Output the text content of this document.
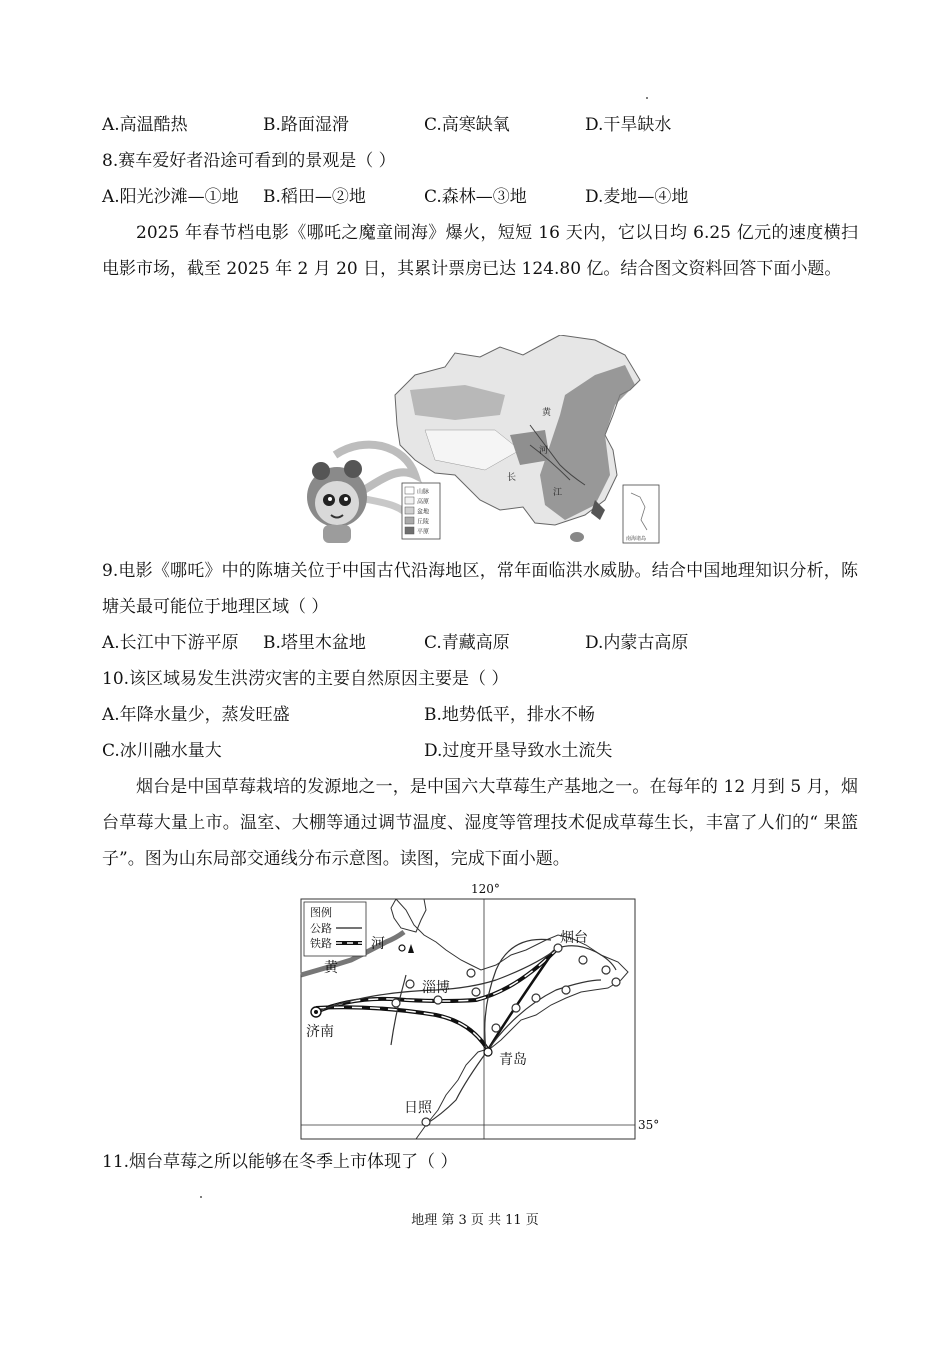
A.高温酷热	B.路面湿滑	C.高寒缺氧	D.干旱缺水
8.赛车爱好者沿途可看到的景观是（ ）
A.阳光沙滩—①地 B.稻田—②地	C.森林—③地	D.麦地—④地
2025 年春节档电影《哪吒之魔童闹海》爆火，短短 16 天内，它以日均 6.25 亿元的速度横扫电影市场，截至 2025 年 2 月 20 日，其累计票房已达 124.80 亿。结合图文资料回答下面小题。
黄
河
长
江
山脉
高原
盆地
丘陵
平原
南海诸岛
9.电影《哪吒》中的陈塘关位于中国古代沿海地区，常年面临洪水威胁。结合中国地理知识分析，陈塘关最可能位于地理区域（ ）
A.长江中下游平原 B.塔里木盆地	C.青藏高原	D.内蒙古高原
10.该区域易发生洪涝灾害的主要自然原因主要是（ ）
A.年降水量少，蒸发旺盛	B.地势低平，排水不畅
C.冰川融水量大	D.过度开垦导致水土流失
烟台是中国草莓栽培的发源地之一，是中国六大草莓生产基地之一。在每年的 12 月到 5 月，烟台草莓大量上市。温室、大棚等通过调节温度、湿度等管理技术促成草莓生长，丰富了人们的“ 果篮子”。图为山东局部交通线分布示意图。读图，完成下面小题。
120°
35°
黄
河
图例
公路
铁路
济南
淄博
烟台
青岛
日照
11.烟台草莓之所以能够在冬季上市体现了（ ）
地理 第 3 页 共 11 页
